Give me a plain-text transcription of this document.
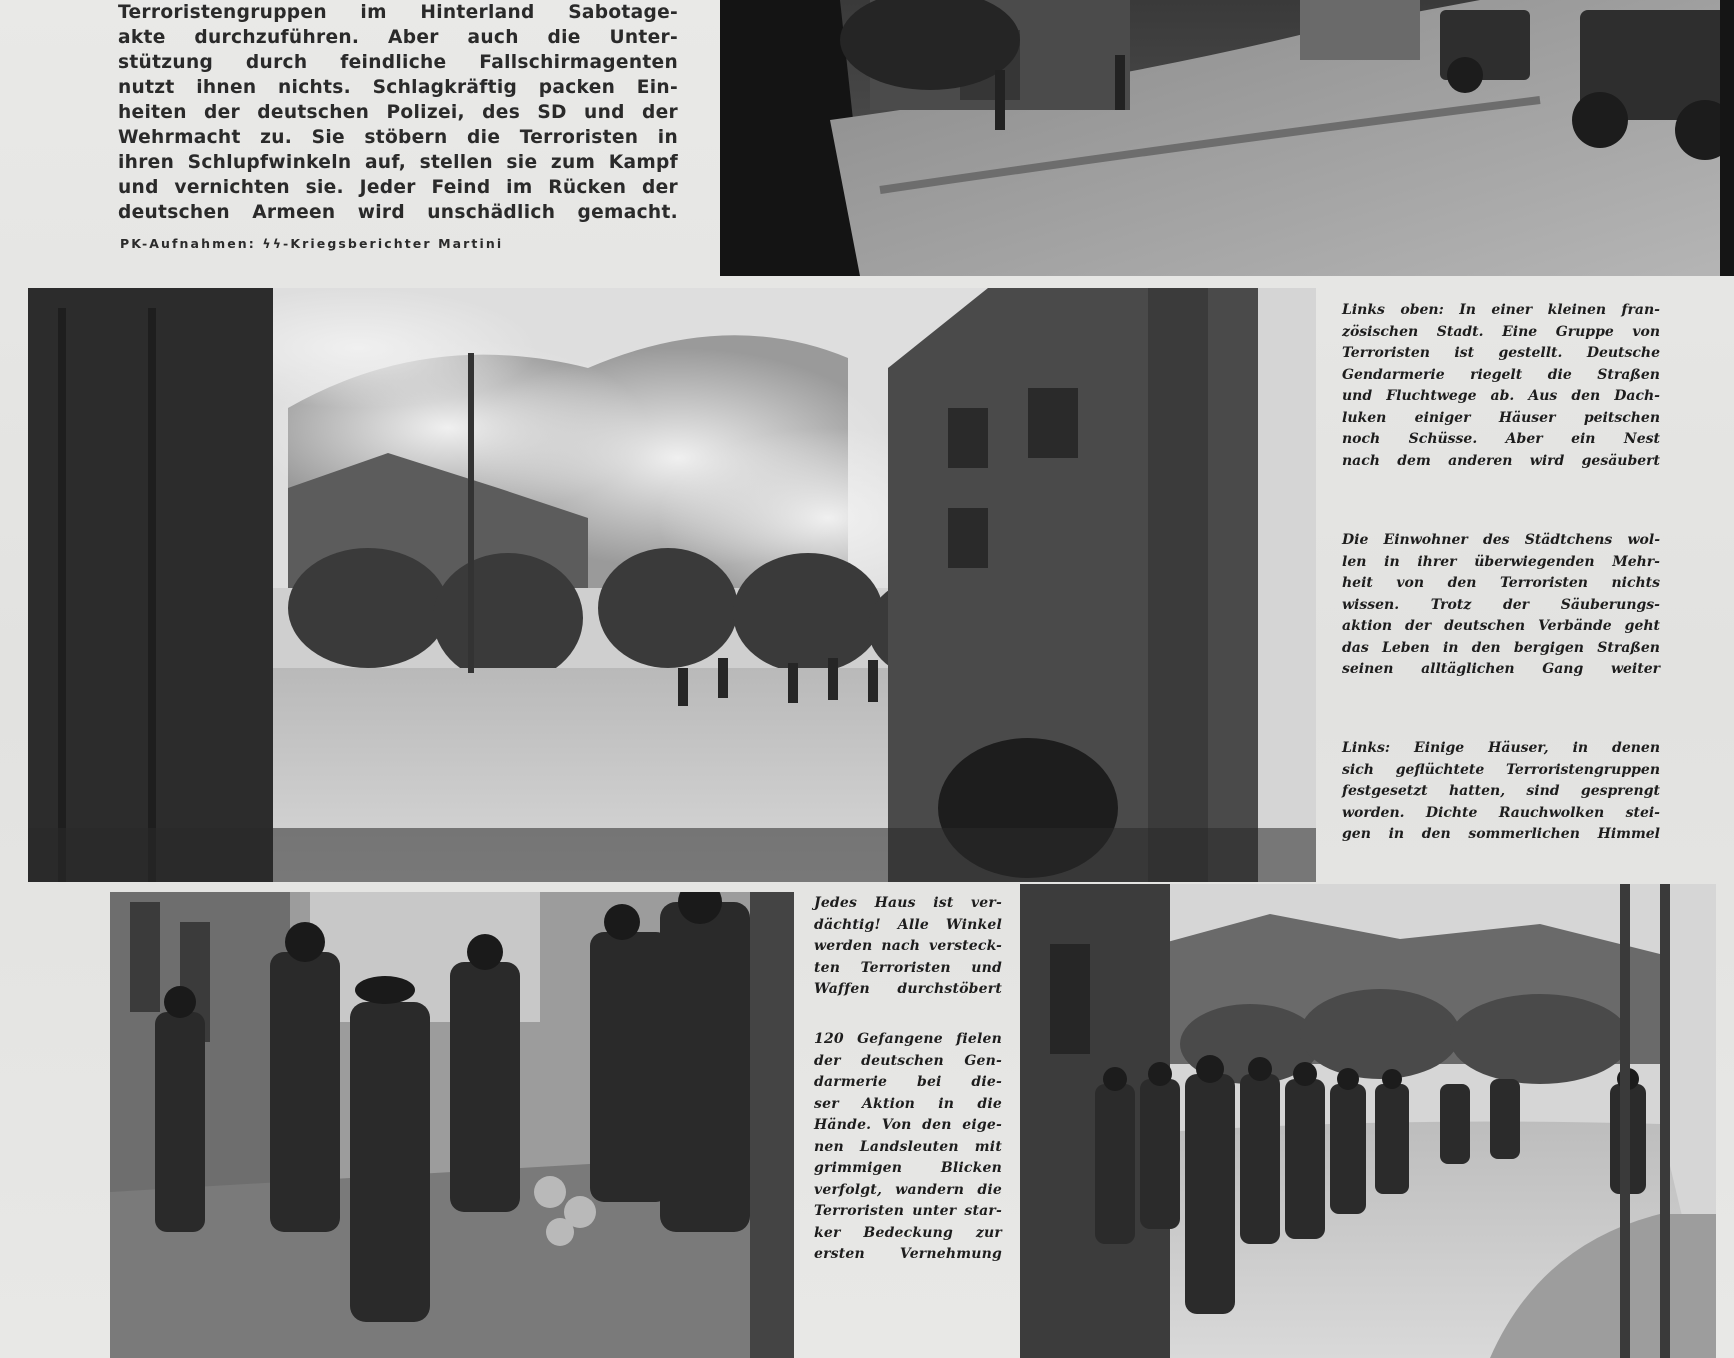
Terroristengruppen im Hinterland Sabotage-
akte durchzuführen. Aber auch die Unter-
stützung durch feindliche Fallschirmagenten
nutzt ihnen nichts. Schlagkräftig packen Ein-
heiten der deutschen Polizei, des SD und der
Wehrmacht zu. Sie stöbern die Terroristen in
ihren Schlupfwinkeln auf, stellen sie zum Kampf
und vernichten sie. Jeder Feind im Rücken der
deutschen Armeen wird unschädlich gemacht.
PK-Aufnahmen: ϟϟ-Kriegsberichter Martini
Links oben: In einer kleinen fran-
zösischen Stadt. Eine Gruppe von
Terroristen ist gestellt. Deutsche
Gendarmerie riegelt die Straßen
und Fluchtwege ab. Aus den Dach-
luken einiger Häuser peitschen
noch Schüsse. Aber ein Nest
nach dem anderen wird gesäubert
Die Einwohner des Städtchens wol-
len in ihrer überwiegenden Mehr-
heit von den Terroristen nichts
wissen. Trotz der Säuberungs-
aktion der deutschen Verbände geht
das Leben in den bergigen Straßen
seinen alltäglichen Gang weiter
Links: Einige Häuser, in denen
sich geflüchtete Terroristengruppen
festgesetzt hatten, sind gesprengt
worden. Dichte Rauchwolken stei-
gen in den sommerlichen Himmel
Jedes Haus ist ver-
dächtig! Alle Winkel
werden nach versteck-
ten Terroristen und
Waffen durchstöbert
120 Gefangene fielen
der deutschen Gen-
darmerie bei die-
ser Aktion in die
Hände. Von den eige-
nen Landsleuten mit
grimmigen Blicken
verfolgt, wandern die
Terroristen unter star-
ker Bedeckung zur
ersten Vernehmung
